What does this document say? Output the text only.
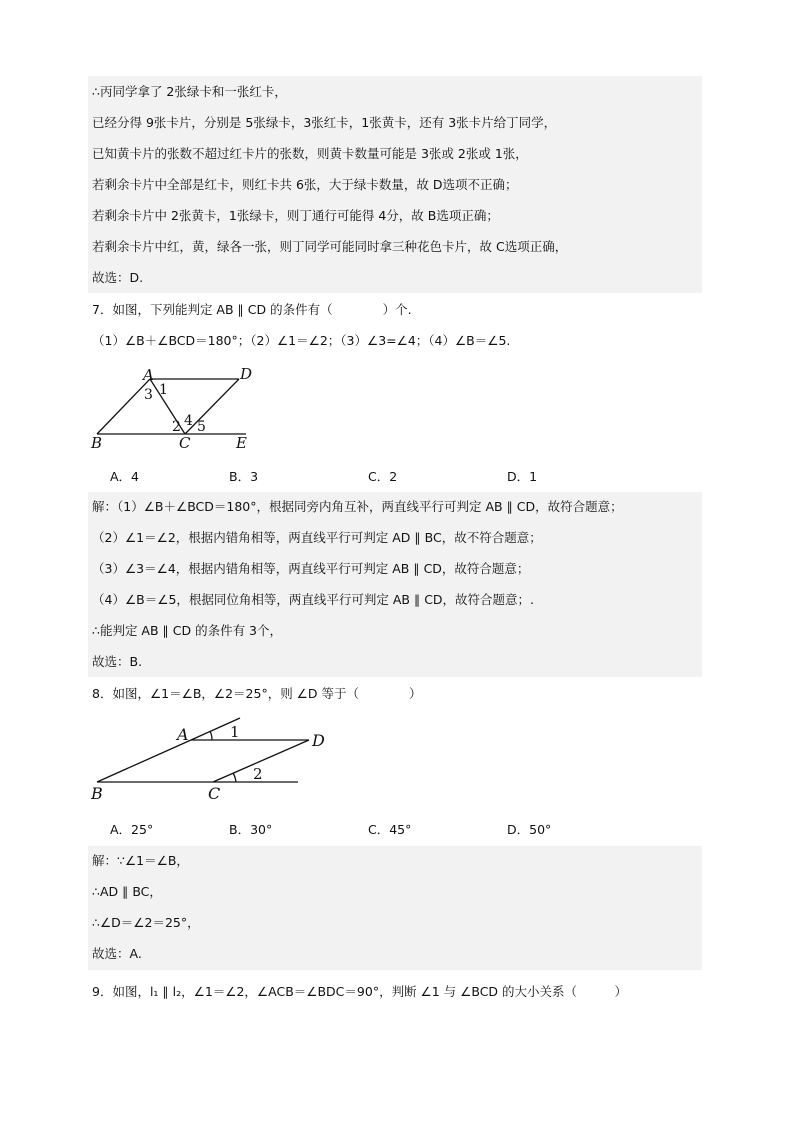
∴丙同学拿了 2张绿卡和一张红卡，
已经分得 9张卡片，分别是 5张绿卡，3张红卡，1张黄卡，还有 3张卡片给丁同学，
已知黄卡片的张数不超过红卡片的张数，则黄卡数量可能是 3张或 2张或 1张，
若剩余卡片中全部是红卡，则红卡共 6张，大于绿卡数量，故 D选项不正确；
若剩余卡片中 2张黄卡，1张绿卡，则丁通行可能得 4分，故 B选项正确；
若剩余卡片中红，黄，绿各一张，则丁同学可能同时拿三种花色卡片，故 C选项正确，
故选：D.
7．如图，下列能判定 AB ∥ CD 的条件有（　　　　）个.
（1）∠B＋∠BCD＝180°；（2）∠1＝∠2；（3）∠3=∠4；（4）∠B＝∠5.
A	D
B	C	E
1
3
2 4 5
A．4	B．3	C．2	D．1
解：（1）∠B＋∠BCD＝180°，根据同旁内角互补，两直线平行可判定 AB ∥ CD，故符合题意；
（2）∠1＝∠2，根据内错角相等，两直线平行可判定 AD ∥ BC，故不符合题意；
（3）∠3＝∠4，根据内错角相等，两直线平行可判定 AB ∥ CD，故符合题意；
（4）∠B＝∠5，根据同位角相等，两直线平行可判定 AB ∥ CD，故符合题意；.
∴能判定 AB ∥ CD 的条件有 3个，
故选：B.
8．如图，∠1＝∠B，∠2＝25°，则 ∠D 等于（　　　　）
A	D
B	C
1
2
A．25°	B．30°	C．45°	D．50°
解：∵∠1＝∠B，
∴AD ∥ BC，
∴∠D＝∠2＝25°，
故选：A.
9．如图，l₁ ∥ l₂，∠1＝∠2，∠ACB＝∠BDC＝90°，判断 ∠1 与 ∠BCD 的大小关系（　　　）
